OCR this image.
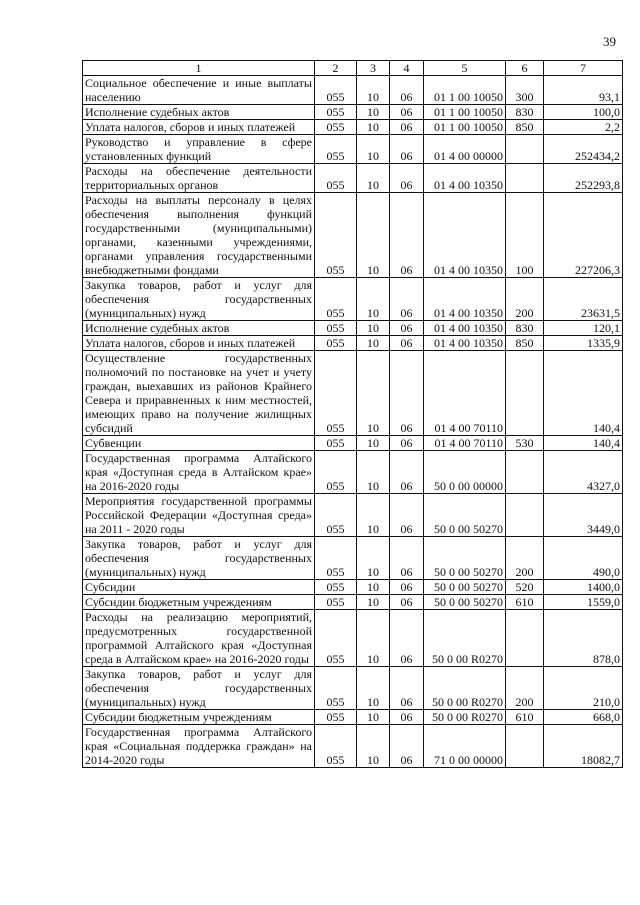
39
1	2	3	4	5	6	7
Социальное обеспечение и иные выплаты населению	055	10	06	01 1 00 10050	300	93,1
Исполнение судебных актов	055	10	06	01 1 00 10050	830	100,0
Уплата налогов, сборов и иных платежей	055	10	06	01 1 00 10050	850	2,2
Руководство и управление в сфере установленных функций	055	10	06	01 4 00 00000		252434,2
Расходы на обеспечение деятельности территориальных органов	055	10	06	01 4 00 10350		252293,8
Расходы на выплаты персоналу в целях обеспечения выполнения функций государственными (муниципальными) органами, казенными учреждениями, органами управления государственными внебюджетными фондами	055	10	06	01 4 00 10350	100	227206,3
Закупка товаров, работ и услуг для обеспечения государственных (муниципальных) нужд	055	10	06	01 4 00 10350	200	23631,5
Исполнение судебных актов	055	10	06	01 4 00 10350	830	120,1
Уплата налогов, сборов и иных платежей	055	10	06	01 4 00 10350	850	1335,9
Осуществление государственных полномочий по постановке на учет и учету граждан, выехавших из районов Крайнего Севера и приравненных к ним местностей, имеющих право на получение жилищных субсидий	055	10	06	01 4 00 70110		140,4
Субвенции	055	10	06	01 4 00 70110	530	140,4
Государственная программа Алтайского края «Доступная среда в Алтайском крае» на 2016-2020 годы	055	10	06	50 0 00 00000		4327,0
Мероприятия государственной программы Российской Федерации «Доступная среда» на 2011 - 2020 годы	055	10	06	50 0 00 50270		3449,0
Закупка товаров, работ и услуг для обеспечения государственных (муниципальных) нужд	055	10	06	50 0 00 50270	200	490,0
Субсидии	055	10	06	50 0 00 50270	520	1400,0
Субсидии бюджетным учреждениям	055	10	06	50 0 00 50270	610	1559,0
Расходы на реализацию мероприятий, предусмотренных государственной программой Алтайского края «Доступная среда в Алтайском крае» на 2016-2020 годы	055	10	06	50 0 00 R0270		878,0
Закупка товаров, работ и услуг для обеспечения государственных (муниципальных) нужд	055	10	06	50 0 00 R0270	200	210,0
Субсидии бюджетным учреждениям	055	10	06	50 0 00 R0270	610	668,0
Государственная программа Алтайского края «Социальная поддержка граждан» на 2014-2020 годы	055	10	06	71 0 00 00000		18082,7
